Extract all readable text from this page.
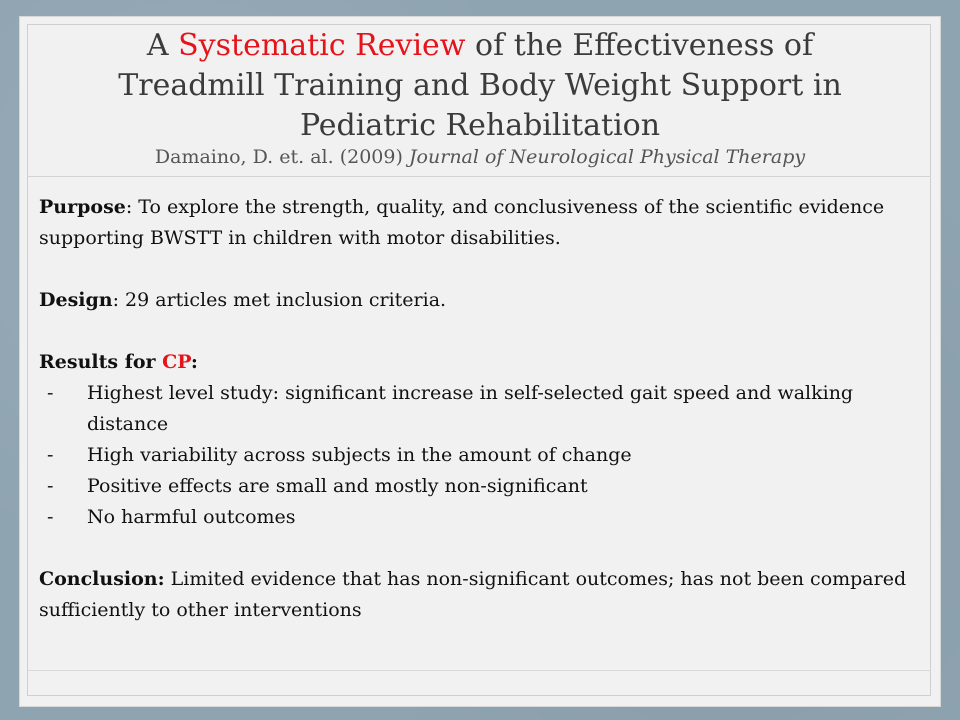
A Systematic Review of the Effectiveness of Treadmill Training and Body Weight Support in Pediatric Rehabilitation
Damaino, D. et. al. (2009) Journal of Neurological Physical Therapy

Purpose: To explore the strength, quality, and conclusiveness of the scientific evidence supporting BWSTT in children with motor disabilities.

Design: 29 articles met inclusion criteria.

Results for CP:
- Highest level study: significant increase in self-selected gait speed and walking distance
- High variability across subjects in the amount of change
- Positive effects are small and mostly non-significant
- No harmful outcomes

Conclusion: Limited evidence that has non-significant outcomes; has not been compared sufficiently to other interventions
